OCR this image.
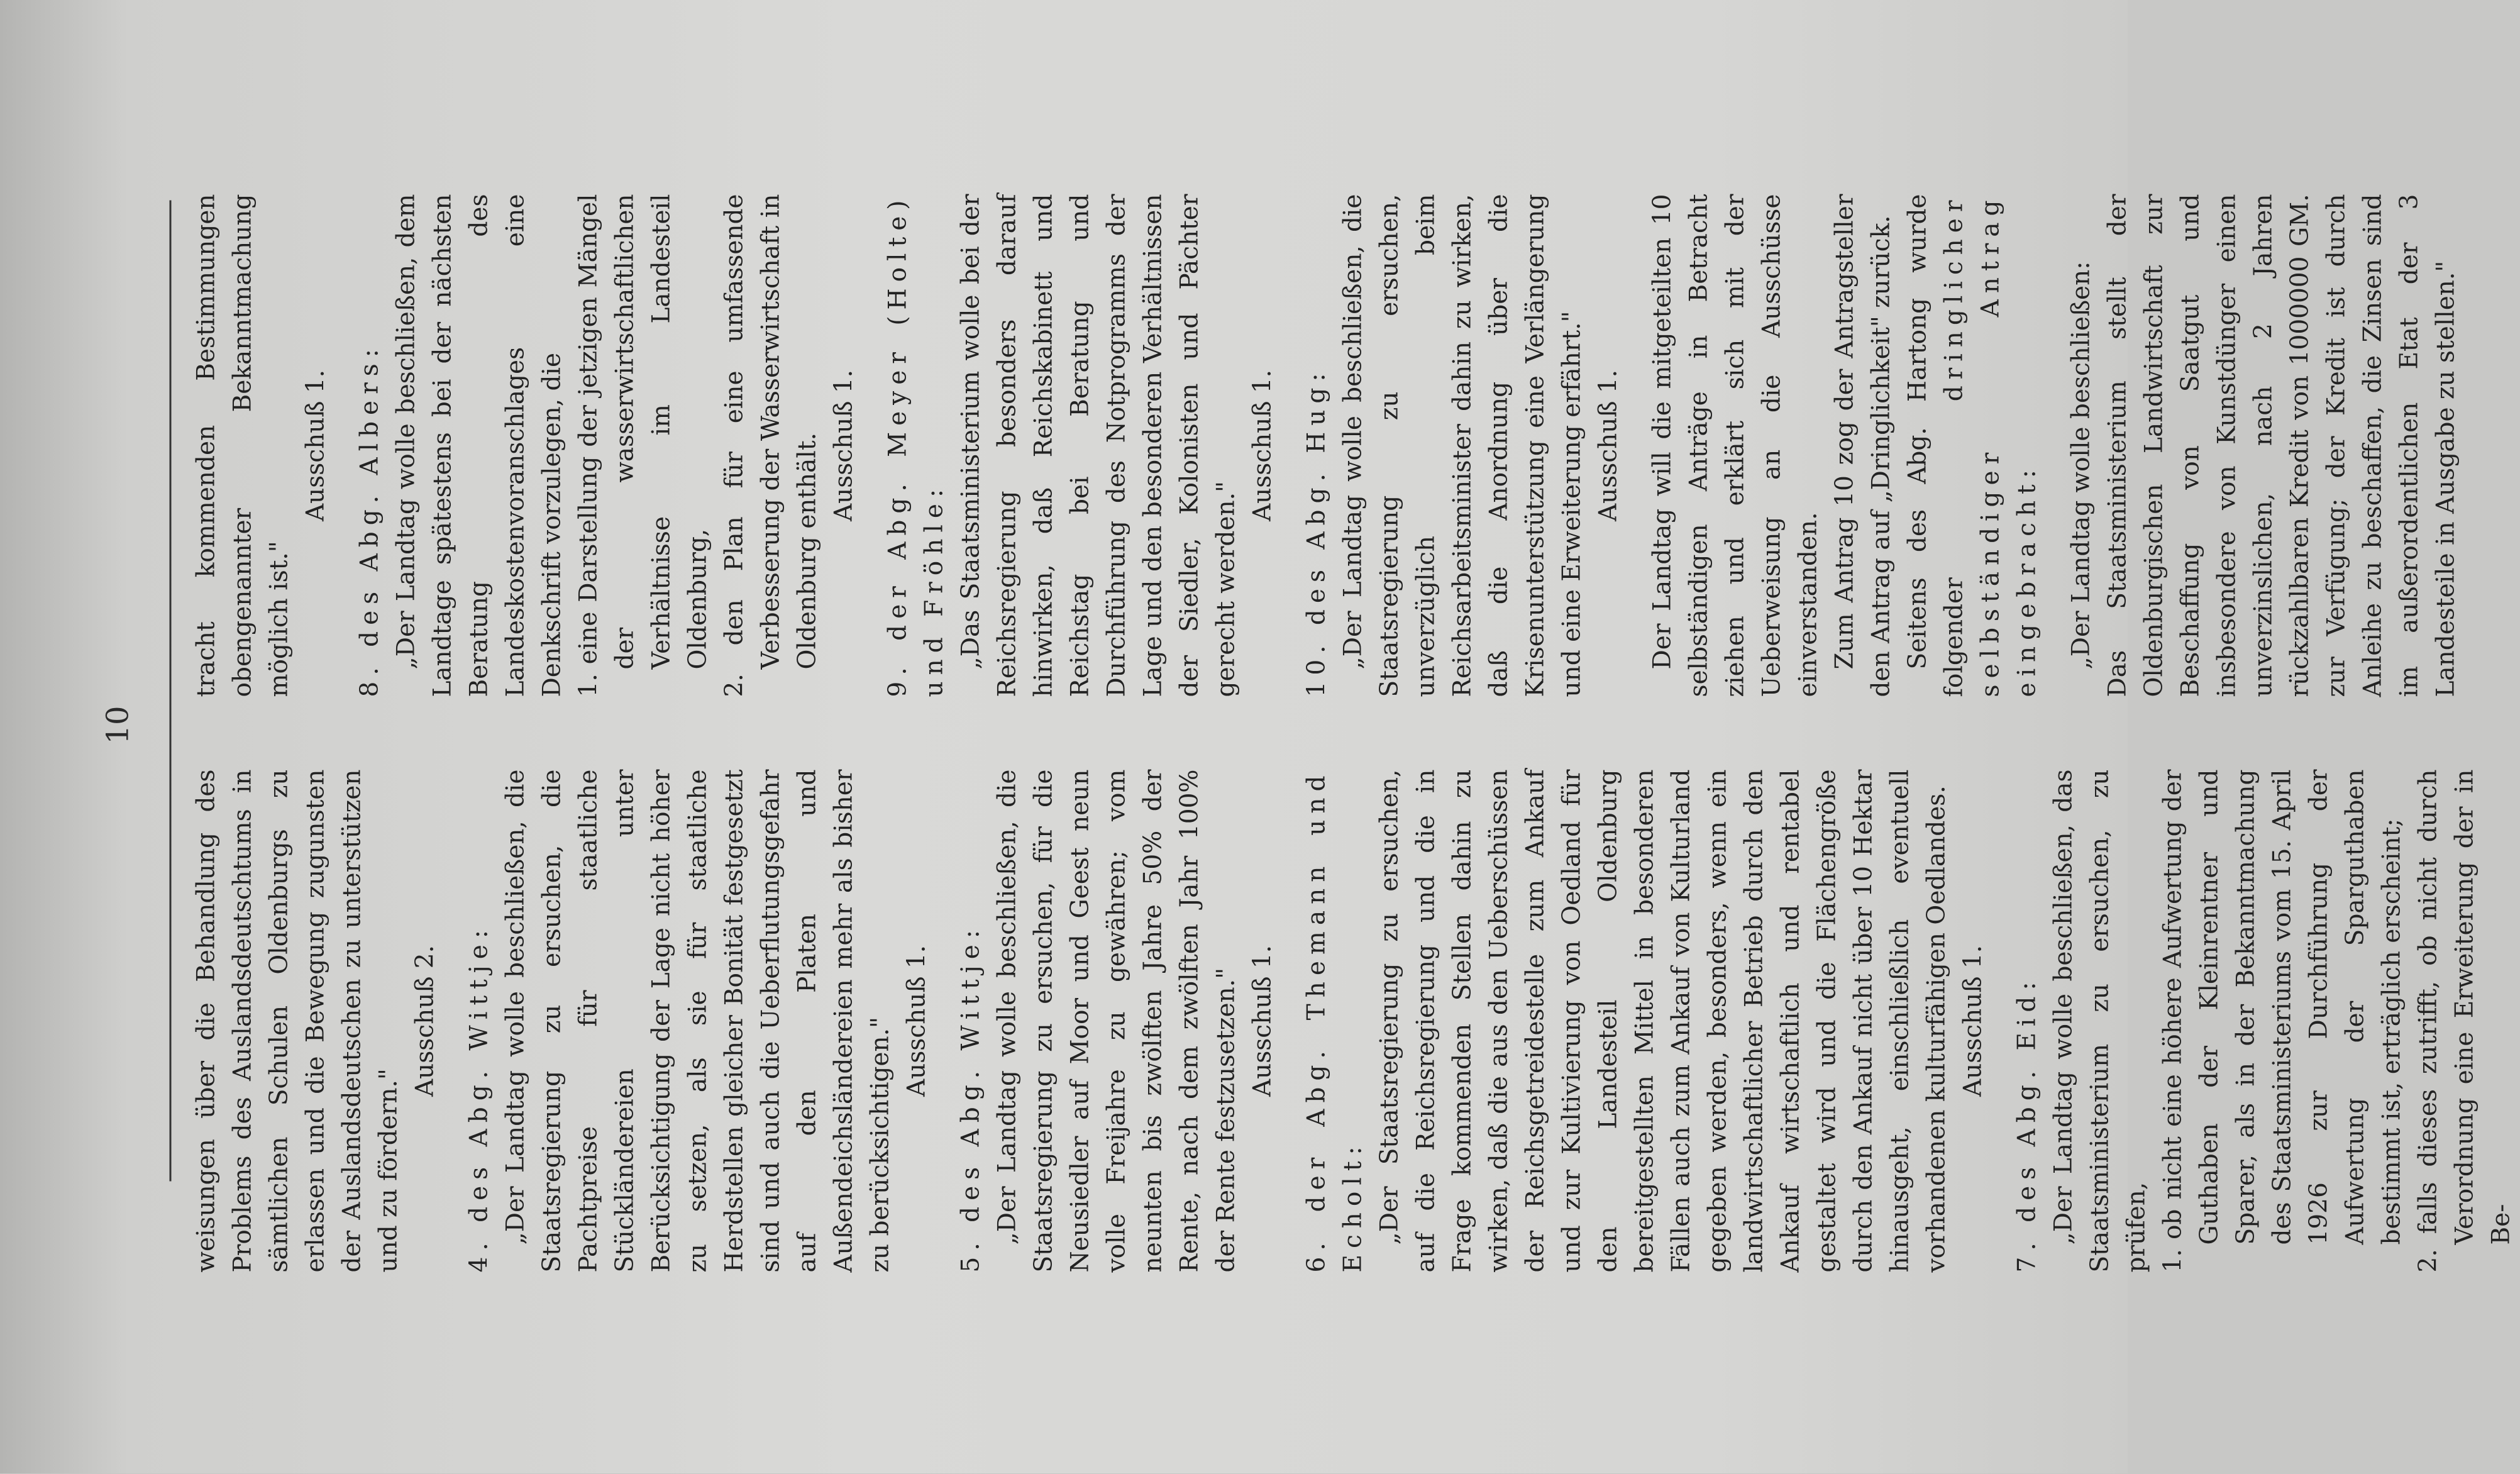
10

weisungen über die Behandlung des Problems des Auslandsdeutschtums in sämtlichen Schulen Oldenburgs zu erlassen und die Bewegung zugunsten der Auslandsdeutschen zu unterstützen und zu fördern."

Ausschuß 2. 4. des Abg. Wittje: „Der Landtag wolle beschließen, die Staatsregierung zu ersuchen, die Pachtpreise für staatliche Stückländereien unter Berücksichtigung der Lage nicht höher zu setzen, als sie für staatliche Herdstellen gleicher Bonität festgesetzt sind und auch die Ueberflutungsgefahr auf den Platen und Außendeichsländereien mehr als bisher zu berücksichtigen." Ausschuß 1. 5. des Abg. Wittje: „Der Landtag wolle beschließen, die Staatsregierung zu ersuchen, für die Neusiedler auf Moor und Geest neun volle Freijahre zu gewähren; vom neunten bis zwölften Jahre 50% der Rente, nach dem zwölften Jahr 100% der Rente festzusetzen." Ausschuß 1. 6. der Abg. Themann und Echolt: „Der Staatsregierung zu ersuchen, auf die Reichsregierung und die in Frage kommenden Stellen dahin zu wirken, daß die aus den Ueberschüssen der Reichsgetreidestelle zum Ankauf und zur Kultivierung von Oedland für den Landesteil Oldenburg bereitgestellten Mittel in besonderen Fällen auch zum Ankauf von Kulturland gegeben werden, besonders, wenn ein landwirtschaftlicher Betrieb durch den Ankauf wirtschaftlich und rentabel gestaltet wird und die Flächengröße durch den Ankauf nicht über 10 Hektar hinausgeht, einschließlich eventuell vorhandenen kulturfähigen Oedlandes. Ausschuß 1. 7. des Abg. Eid: „Der Landtag wolle beschließen, das Staatsministerium zu ersuchen, zu prüfen, 1. ob nicht eine höhere Aufwertung der Guthaben der Kleinrentner und Sparer, als in der Bekanntmachung des Staatsministeriums vom 15. April 1926 zur Durchführung der Aufwertung der Sparguthaben bestimmt ist, erträglich erscheint; 2. falls dieses zutrifft, ob nicht durch Verordnung eine Erweiterung der in Be-

tracht kommenden Bestimmungen obengenannter Bekanntmachung möglich ist."

Ausschuß 1. 8. des Abg. Albers: „Der Landtag wolle beschließen, dem Landtage spätestens bei der nächsten Beratung des Landeskostenvoranschlages eine Denkschrift vorzulegen, die 1. eine Darstellung der jetzigen Mängel der wasserwirtschaftlichen Verhältnisse im Landesteil Oldenburg, 2. den Plan für eine umfassende Verbesserung der Wasserwirtschaft in Oldenburg enthält. Ausschuß 1. 9. der Abg. Meyer (Holte) und Fröhle: „Das Staatsministerium wolle bei der Reichsregierung besonders darauf hinwirken, daß Reichskabinett und Reichstag bei Beratung und Durchführung des Notprogramms der Lage und den besonderen Verhältnissen der Siedler, Kolonisten und Pächter gerecht werden."

Ausschuß 1. 10. des Abg. Hug: „Der Landtag wolle beschließen, die Staatsregierung zu ersuchen, unverzüglich beim Reichsarbeitsminister dahin zu wirken, daß die Anordnung über die Krisenunterstützung eine Verlängerung und eine Erweiterung erfährt." Ausschuß 1. Der Landtag will die mitgeteilten 10 selbständigen Anträge in Betracht ziehen und erklärt sich mit der Ueberweisung an die Ausschüsse einverstanden. Zum Antrag 10 zog der Antragsteller den Antrag auf „Dringlichkeit" zurück. Seitens des Abg. Hartong wurde folgender dringlicher selbständiger Antrag eingebracht: „Der Landtag wolle beschließen: Das Staatsministerium stellt der Oldenburgischen Landwirtschaft zur Beschaffung von Saatgut und insbesondere von Kunstdünger einen unverzinslichen, nach 2 Jahren rückzahlbaren Kredit von 1000000 GM. zur Verfügung; der Kredit ist durch Anleihe zu beschaffen, die Zinsen sind im außerordentlichen Etat der 3 Landesteile in Ausgabe zu stellen."
